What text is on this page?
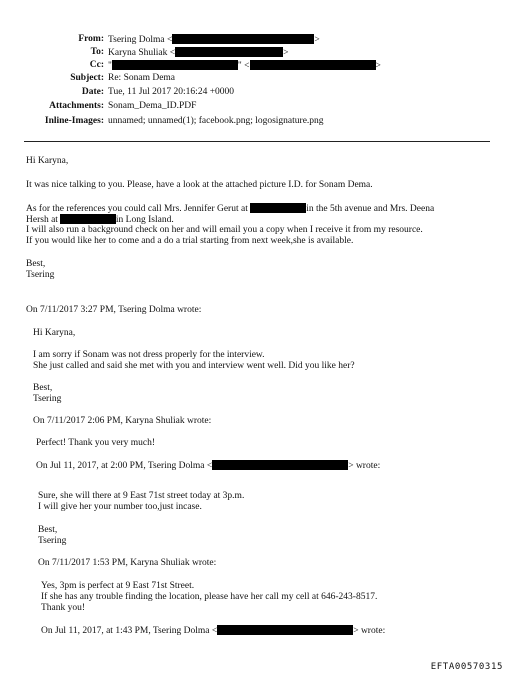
From: Tsering Dolma <	>
To: Karyna Shuliak <	>
Cc: "	" <	>
Subject: Re: Sonam Dema
Date: Tue, 11 Jul 2017 20:16:24 +0000
Attachments: Sonam_Dema_ID.PDF
Inline-Images: unnamed; unnamed(1); facebook.png; logosignature.png
Hi Karyna,
It was nice talking to you. Please, have a look at the attached picture I.D. for Sonam Dema.
As for the references you could call Mrs. Jennifer Gerut at	in the 5th avenue and Mrs. Deena
Hersh at	in Long Island.
I will also run a background check on her and will email you a copy when I receive it from my resource.
If you would like her to come and a do a trial starting from next week,she is available.
Best,
Tsering
On 7/11/2017 3:27 PM, Tsering Dolma wrote:
Hi Karyna,
I am sorry if Sonam was not dress properly for the interview.
She just called and said she met with you and interview went well. Did you like her?
Best,
Tsering
On 7/11/2017 2:06 PM, Karyna Shuliak wrote:
Perfect! Thank you very much!
On Jul 11, 2017, at 2:00 PM, Tsering Dolma <	> wrote:
Sure, she will there at 9 East 71st street today at 3p.m.
I will give her your number too,just incase.
Best,
Tsering
On 7/11/2017 1:53 PM, Karyna Shuliak wrote:
Yes, 3pm is perfect at 9 East 71st Street.
If she has any trouble finding the location, please have her call my cell at 646-243-8517.
Thank you!
On Jul 11, 2017, at 1:43 PM, Tsering Dolma <	> wrote:
EFTA00570315
